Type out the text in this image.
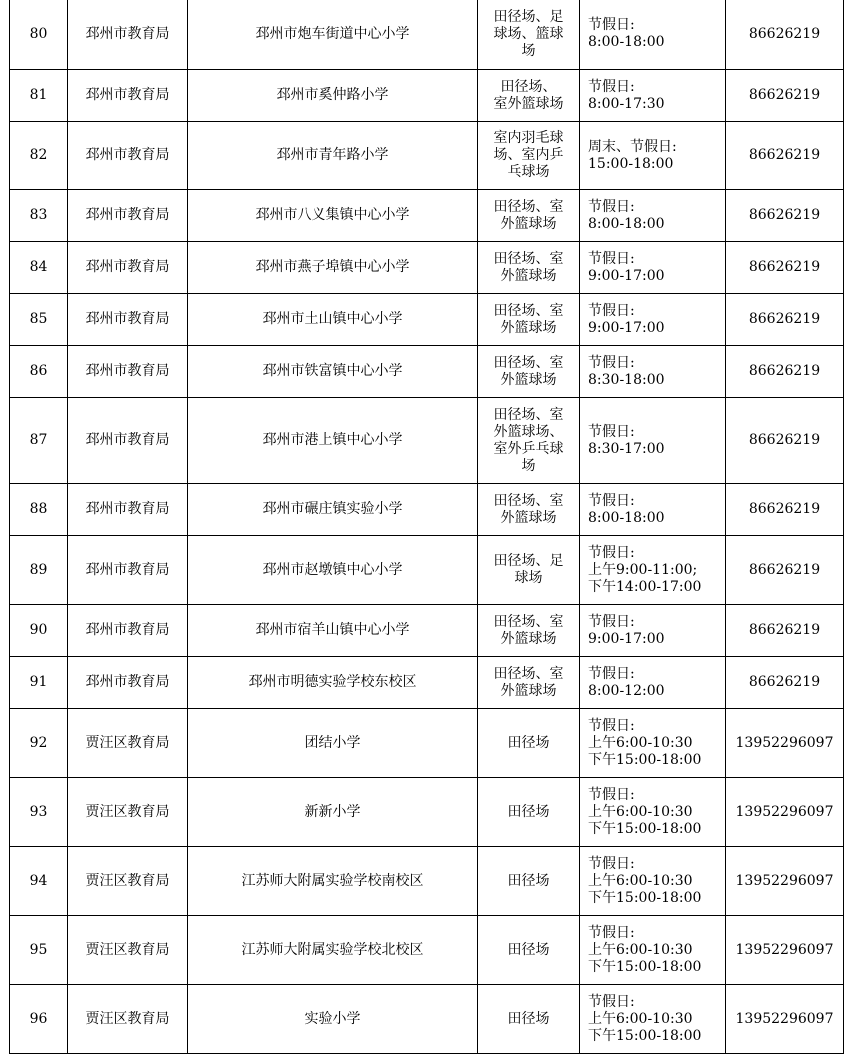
80	邳州市教育局	邳州市炮车街道中心小学	田径场、足
球场、篮球
场	节假日:
8:00-18:00	86626219
81	邳州市教育局	邳州市奚仲路小学	田径场、
室外篮球场	节假日:
8:00-17:30	86626219
82	邳州市教育局	邳州市青年路小学	室内羽毛球
场、室内乒
乓球场	周末、节假日:
15:00-18:00	86626219
83	邳州市教育局	邳州市八义集镇中心小学	田径场、室
外篮球场	节假日:
8:00-18:00	86626219
84	邳州市教育局	邳州市燕子埠镇中心小学	田径场、室
外篮球场	节假日:
9:00-17:00	86626219
85	邳州市教育局	邳州市土山镇中心小学	田径场、室
外篮球场	节假日:
9:00-17:00	86626219
86	邳州市教育局	邳州市铁富镇中心小学	田径场、室
外篮球场	节假日:
8:30-18:00	86626219
87	邳州市教育局	邳州市港上镇中心小学	田径场、室
外篮球场、
室外乒乓球
场	节假日:
8:30-17:00	86626219
88	邳州市教育局	邳州市碾庄镇实验小学	田径场、室
外篮球场	节假日:
8:00-18:00	86626219
89	邳州市教育局	邳州市赵墩镇中心小学	田径场、足
球场	节假日:
上午9:00-11:00;
下午14:00-17:00	86626219
90	邳州市教育局	邳州市宿羊山镇中心小学	田径场、室
外篮球场	节假日:
9:00-17:00	86626219
91	邳州市教育局	邳州市明德实验学校东校区	田径场、室
外篮球场	节假日:
8:00-12:00	86626219
92	贾汪区教育局	团结小学	田径场	节假日:
上午6:00-10:30
下午15:00-18:00	13952296097
93	贾汪区教育局	新新小学	田径场	节假日:
上午6:00-10:30
下午15:00-18:00	13952296097
94	贾汪区教育局	江苏师大附属实验学校南校区	田径场	节假日:
上午6:00-10:30
下午15:00-18:00	13952296097
95	贾汪区教育局	江苏师大附属实验学校北校区	田径场	节假日:
上午6:00-10:30
下午15:00-18:00	13952296097
96	贾汪区教育局	实验小学	田径场	节假日:
上午6:00-10:30
下午15:00-18:00	13952296097
